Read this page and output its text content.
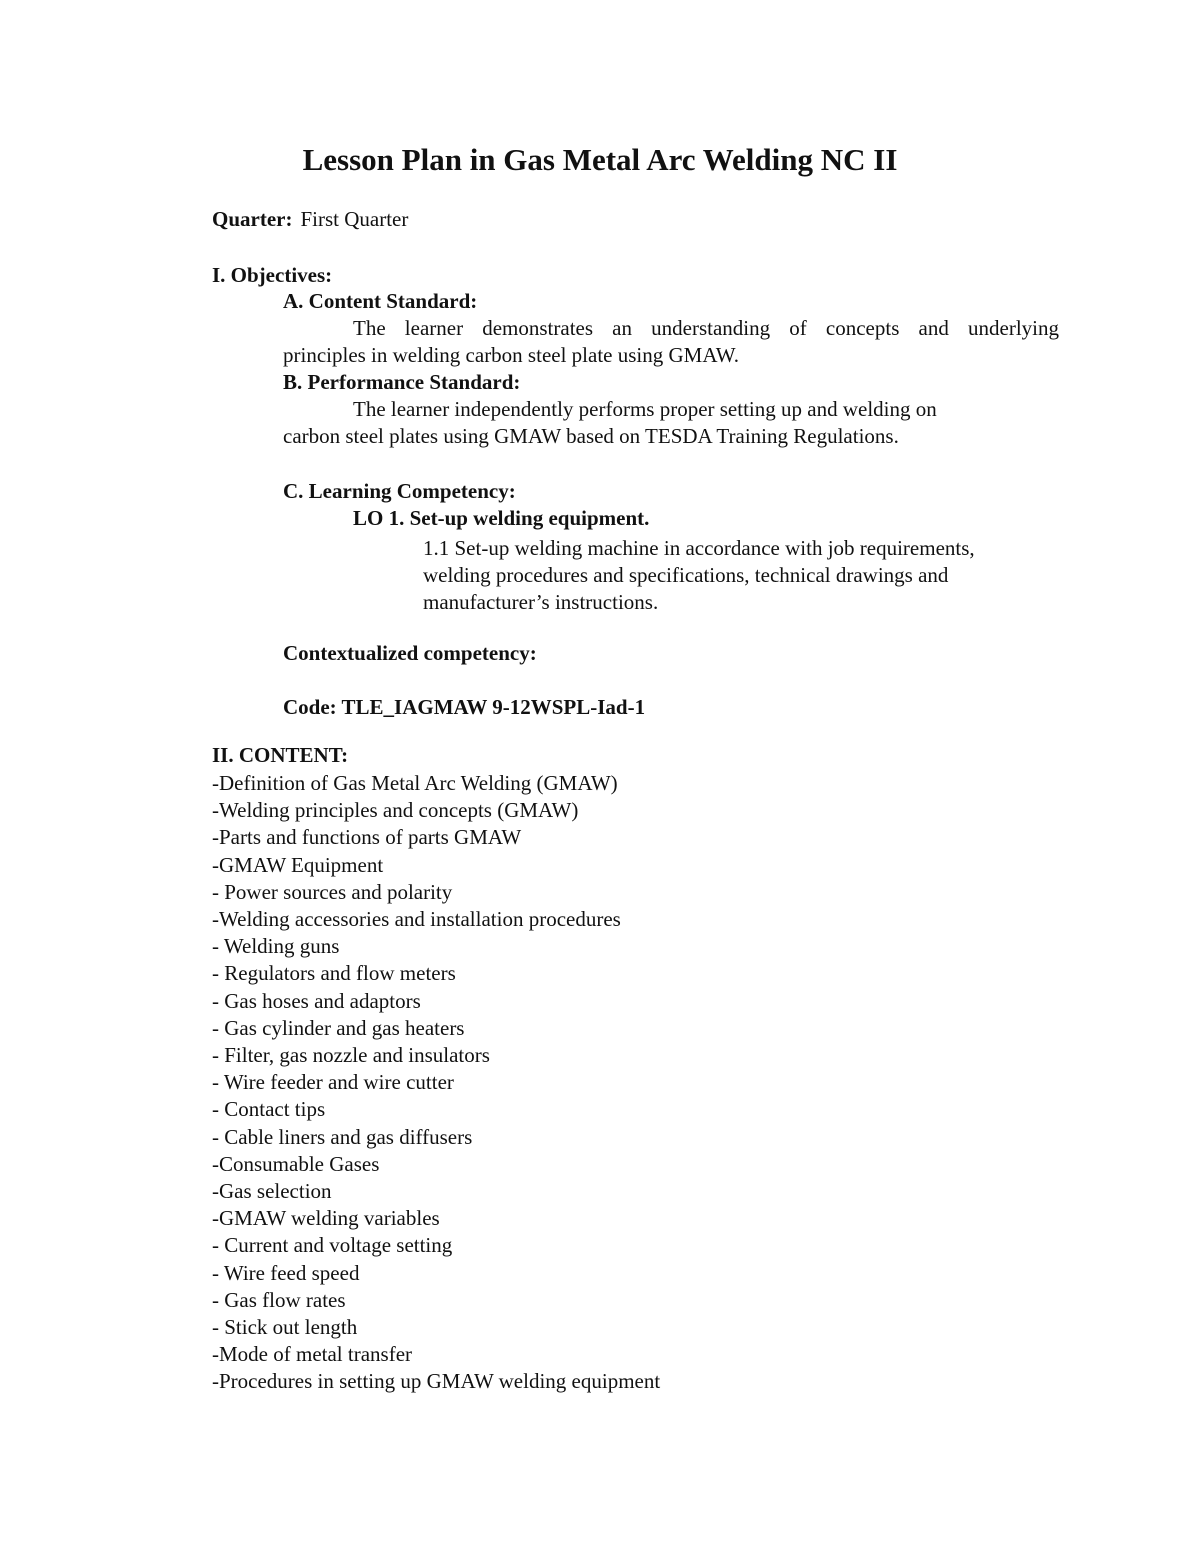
Lesson Plan in Gas Metal Arc Welding NC II
Quarter: First Quarter
I. Objectives:
A. Content Standard:
The learner demonstrates an understanding of concepts and underlying
principles in welding carbon steel plate using GMAW.
B. Performance Standard:
The learner independently performs proper setting up and welding on
carbon steel plates using GMAW based on TESDA Training Regulations.
C. Learning Competency:
LO 1. Set-up welding equipment.
1.1 Set-up welding machine in accordance with job requirements,
welding procedures and specifications, technical drawings and
manufacturer’s instructions.
Contextualized competency:
Code: TLE_IAGMAW 9-12WSPL-Iad-1
II. CONTENT:
-Definition of Gas Metal Arc Welding (GMAW)
-Welding principles and concepts (GMAW)
-Parts and functions of parts GMAW
-GMAW Equipment
- Power sources and polarity
-Welding accessories and installation procedures
- Welding guns
- Regulators and flow meters
- Gas hoses and adaptors
- Gas cylinder and gas heaters
- Filter, gas nozzle and insulators
- Wire feeder and wire cutter
- Contact tips
- Cable liners and gas diffusers
-Consumable Gases
-Gas selection
-GMAW welding variables
- Current and voltage setting
- Wire feed speed
- Gas flow rates
- Stick out length
-Mode of metal transfer
-Procedures in setting up GMAW welding equipment
